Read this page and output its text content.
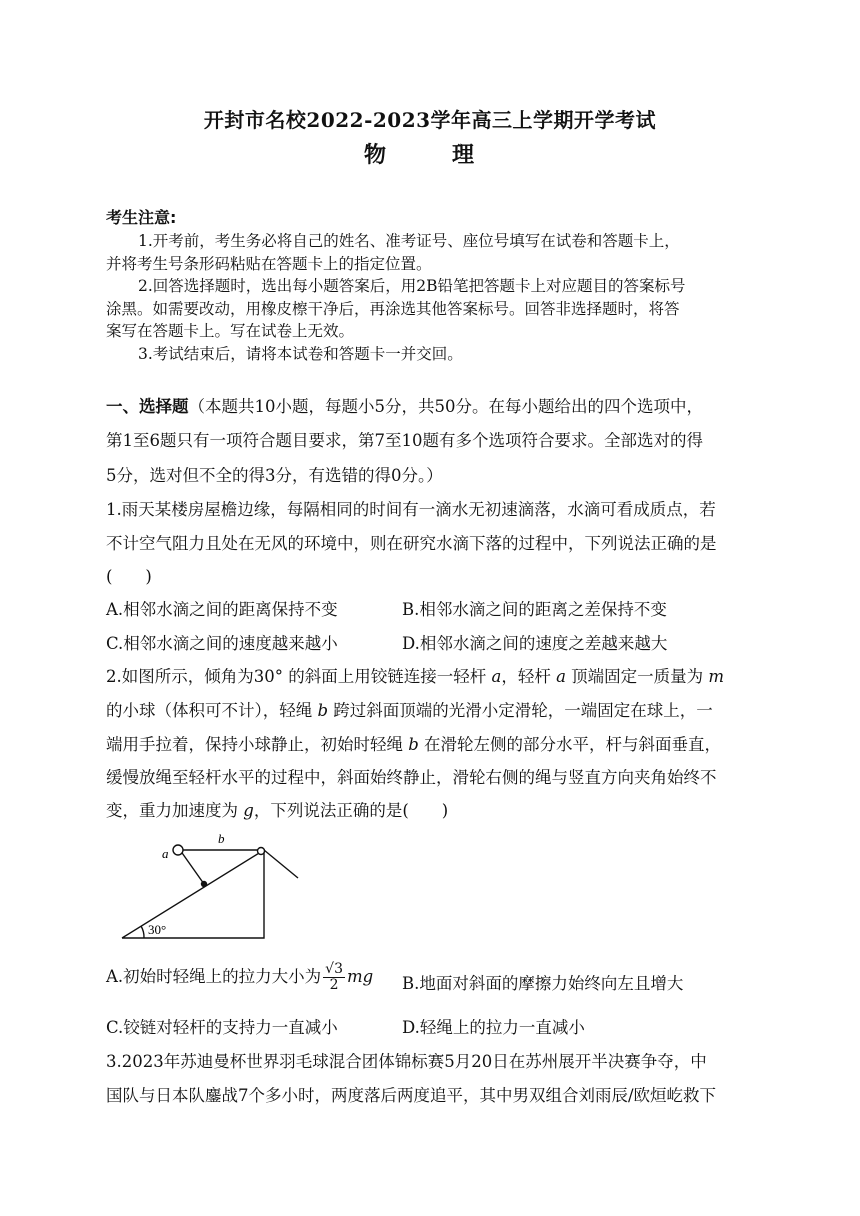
开封市名校2022-2023学年高三上学期开学考试
物　理
考生注意:
1.开考前，考生务必将自己的姓名、准考证号、座位号填写在试卷和答题卡上，
并将考生号条形码粘贴在答题卡上的指定位置。
2.回答选择题时，选出每小题答案后，用2B铅笔把答题卡上对应题目的答案标号
涂黑。如需要改动，用橡皮檫干净后，再涂选其他答案标号。回答非选择题时，将答
案写在答题卡上。写在试卷上无效。
3.考试结束后，请将本试卷和答题卡一并交回。
一、选择题（本题共10小题，每题小5分，共50分。在每小题给出的四个选项中，
第1至6题只有一项符合题目要求，第7至10题有多个选项符合要求。全部选对的得
5分，选对但不全的得3分，有选错的得0分。）
1.雨天某楼房屋檐边缘，每隔相同的时间有一滴水无初速滴落，水滴可看成质点，若
不计空气阻力且处在无风的环境中，则在研究水滴下落的过程中，下列说法正确的是
(　　)
A.相邻水滴之间的距离保持不变	B.相邻水滴之间的距离之差保持不变
C.相邻水滴之间的速度越来越小	D.相邻水滴之间的速度之差越来越大
2.如图所示，倾角为30° 的斜面上用铰链连接一轻杆 a，轻杆 a 顶端固定一质量为 m
的小球（体积可不计），轻绳 b 跨过斜面顶端的光滑小定滑轮，一端固定在球上，一
端用手拉着，保持小球静止，初始时轻绳 b 在滑轮左侧的部分水平，杆与斜面垂直，
缓慢放绳至轻杆水平的过程中，斜面始终静止，滑轮右侧的绳与竖直方向夹角始终不
变，重力加速度为 g，下列说法正确的是(　　)
a
b
30°
A.初始时轻绳上的拉力大小为 $\frac{√3}{2}$ mg B.地面对斜面的摩擦力始终向左且增大
C.铰链对轻杆的支持力一直减小	D.轻绳上的拉力一直减小
3.2023年苏迪曼杯世界羽毛球混合团体锦标赛5月20日在苏州展开半决赛争夺，中
国队与日本队鏖战7个多小时，两度落后两度追平，其中男双组合刘雨辰/欧烜屹救下
